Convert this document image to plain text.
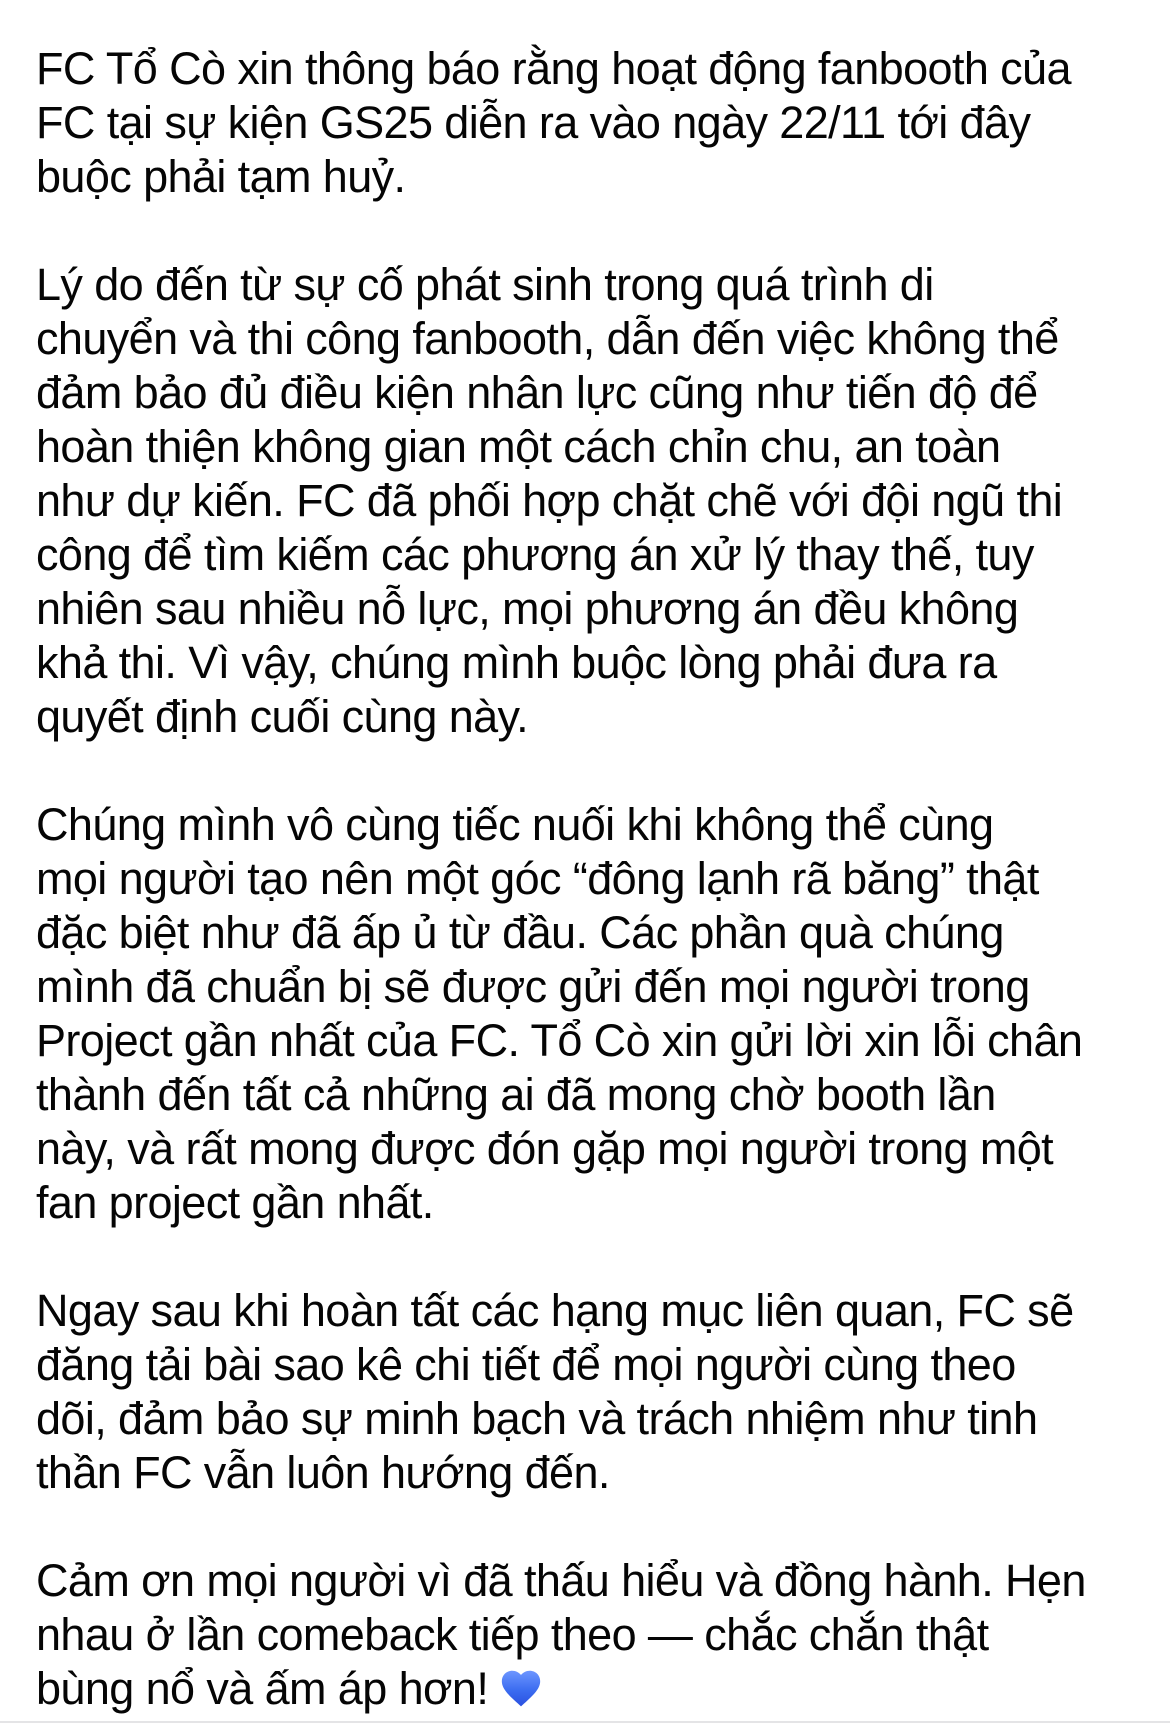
FC Tổ Cò xin thông báo rằng hoạt động fanbooth của
FC tại sự kiện GS25 diễn ra vào ngày 22/11 tới đây
buộc phải tạm huỷ.
Lý do đến từ sự cố phát sinh trong quá trình di
chuyển và thi công fanbooth, dẫn đến việc không thể
đảm bảo đủ điều kiện nhân lực cũng như tiến độ để
hoàn thiện không gian một cách chỉn chu, an toàn
như dự kiến. FC đã phối hợp chặt chẽ với đội ngũ thi
công để tìm kiếm các phương án xử lý thay thế, tuy
nhiên sau nhiều nỗ lực, mọi phương án đều không
khả thi. Vì vậy, chúng mình buộc lòng phải đưa ra
quyết định cuối cùng này.
Chúng mình vô cùng tiếc nuối khi không thể cùng
mọi người tạo nên một góc “đông lạnh rã băng” thật
đặc biệt như đã ấp ủ từ đầu. Các phần quà chúng
mình đã chuẩn bị sẽ được gửi đến mọi người trong
Project gần nhất của FC. Tổ Cò xin gửi lời xin lỗi chân
thành đến tất cả những ai đã mong chờ booth lần
này, và rất mong được đón gặp mọi người trong một
fan project gần nhất.
Ngay sau khi hoàn tất các hạng mục liên quan, FC sẽ
đăng tải bài sao kê chi tiết để mọi người cùng theo
dõi, đảm bảo sự minh bạch và trách nhiệm như tinh
thần FC vẫn luôn hướng đến.
Cảm ơn mọi người vì đã thấu hiểu và đồng hành. Hẹn
nhau ở lần comeback tiếp theo — chắc chắn thật
bùng nổ và ấm áp hơn!
